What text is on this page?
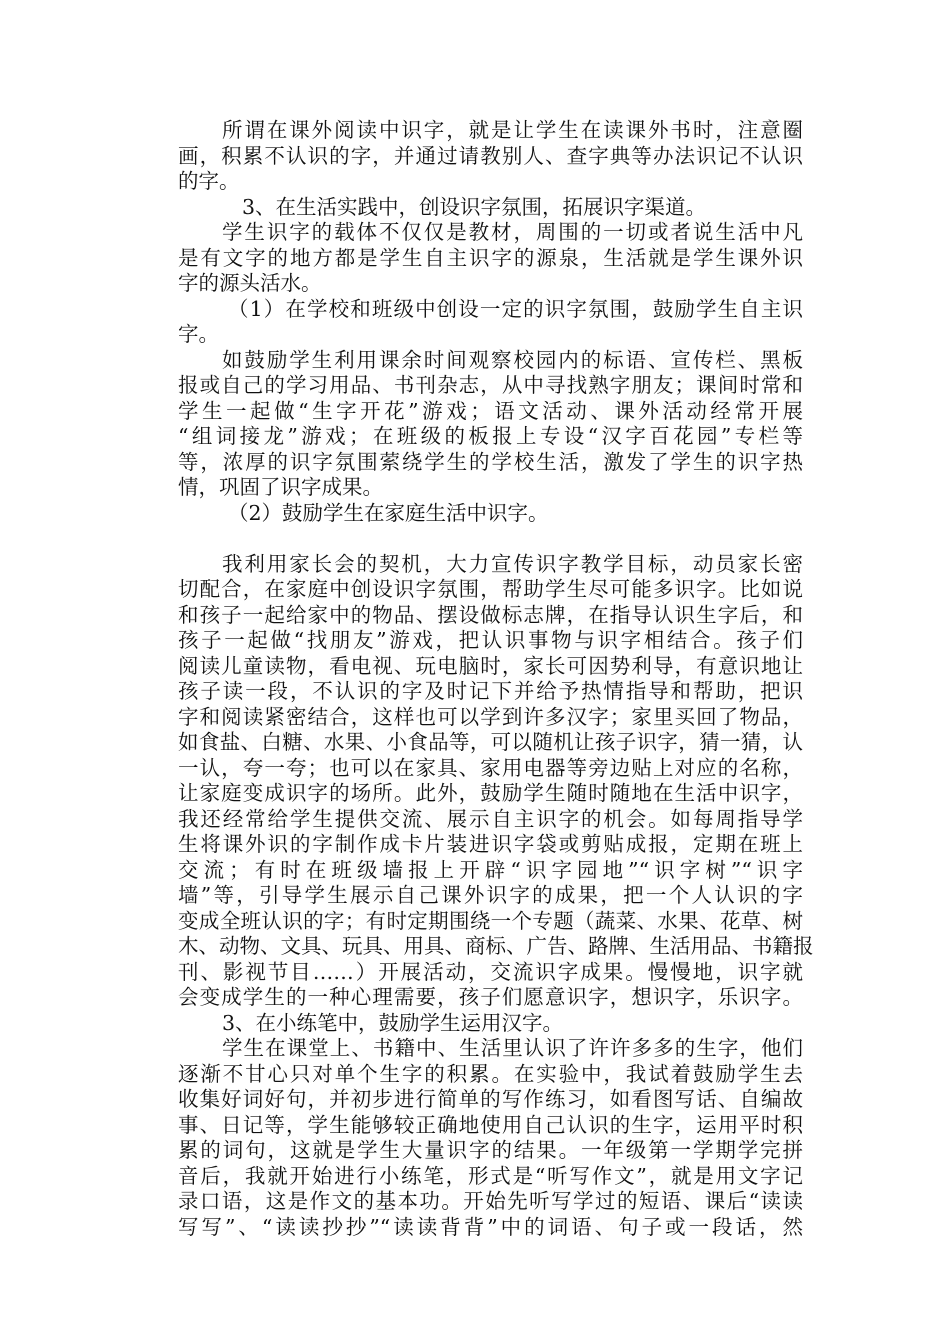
所谓在课外阅读中识字，就是让学生在读课外书时，注意圈
画，积累不认识的字，并通过请教别人、查字典等办法识记不认识
的字。
3、在生活实践中，创设识字氛围，拓展识字渠道。
学生识字的载体不仅仅是教材，周围的一切或者说生活中凡
是有文字的地方都是学生自主识字的源泉，生活就是学生课外识
字的源头活水。
（1）在学校和班级中创设一定的识字氛围，鼓励学生自主识
字。
如鼓励学生利用课余时间观察校园内的标语、宣传栏、黑板
报或自己的学习用品、书刊杂志，从中寻找熟字朋友；课间时常和
学生一起做“生字开花”游戏；语文活动、课外活动经常开展
“组词接龙”游戏；在班级的板报上专设“汉字百花园”专栏等
等，浓厚的识字氛围萦绕学生的学校生活，激发了学生的识字热
情，巩固了识字成果。
（2）鼓励学生在家庭生活中识字。
我利用家长会的契机，大力宣传识字教学目标，动员家长密
切配合，在家庭中创设识字氛围，帮助学生尽可能多识字。比如说
和孩子一起给家中的物品、摆设做标志牌，在指导认识生字后，和
孩子一起做“找朋友”游戏，把认识事物与识字相结合。孩子们
阅读儿童读物，看电视、玩电脑时，家长可因势利导，有意识地让
孩子读一段，不认识的字及时记下并给予热情指导和帮助，把识
字和阅读紧密结合，这样也可以学到许多汉字；家里买回了物品，
如食盐、白糖、水果、小食品等，可以随机让孩子识字，猜一猜，认
一认，夸一夸；也可以在家具、家用电器等旁边贴上对应的名称，
让家庭变成识字的场所。此外，鼓励学生随时随地在生活中识字，
我还经常给学生提供交流、展示自主识字的机会。如每周指导学
生将课外识的字制作成卡片装进识字袋或剪贴成报，定期在班上
交流；有时在班级墙报上开辟“识字园地”“识字树”“识字
墙”等，引导学生展示自己课外识字的成果，把一个人认识的字
变成全班认识的字；有时定期围绕一个专题（蔬菜、水果、花草、树
木、动物、文具、玩具、用具、商标、广告、路牌、生活用品、书籍报
刊、影视节目……）开展活动，交流识字成果。慢慢地，识字就
会变成学生的一种心理需要，孩子们愿意识字，想识字，乐识字。
3、在小练笔中，鼓励学生运用汉字。
学生在课堂上、书籍中、生活里认识了许许多多的生字，他们
逐渐不甘心只对单个生字的积累。在实验中，我试着鼓励学生去
收集好词好句，并初步进行简单的写作练习，如看图写话、自编故
事、日记等，学生能够较正确地使用自己认识的生字，运用平时积
累的词句，这就是学生大量识字的结果。一年级第一学期学完拼
音后，我就开始进行小练笔，形式是“听写作文”，就是用文字记
录口语，这是作文的基本功。开始先听写学过的短语、课后“读读
写写”、“读读抄抄”“读读背背”中的词语、句子或一段话，然
